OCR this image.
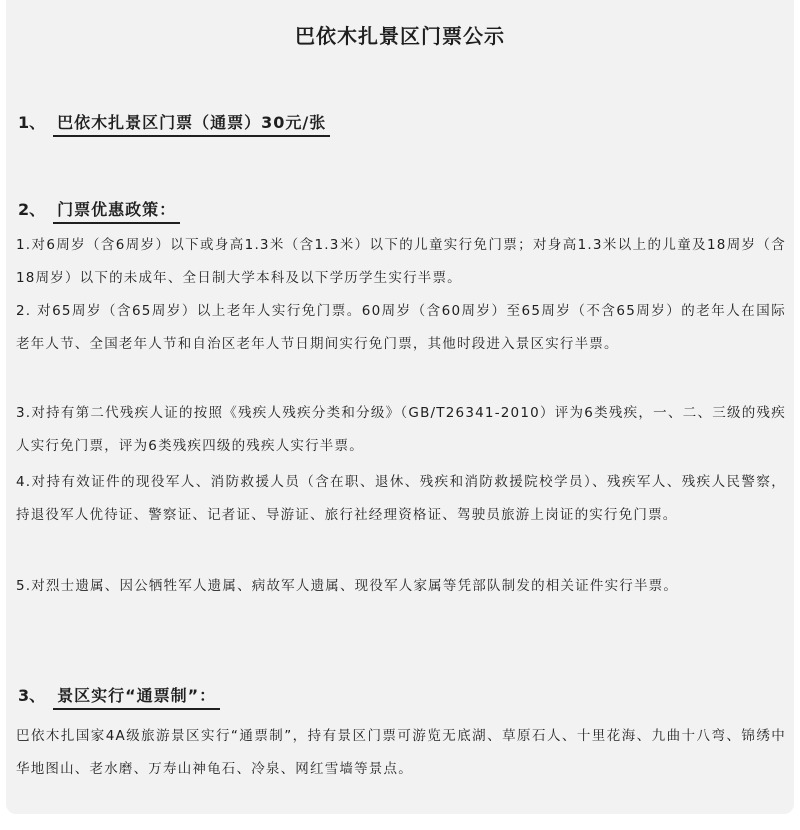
巴依木扎景区门票公示
1、 巴依木扎景区门票（通票）30元/张
2、 门票优惠政策：
1.对6周岁（含6周岁）以下或身高1.3米（含1.3米）以下的儿童实行免门票；对身高1.3米以上的儿童及18周岁（含18周岁）以下的未成年、全日制大学本科及以下学历学生实行半票。
2. 对65周岁（含65周岁）以上老年人实行免门票。60周岁（含60周岁）至65周岁（不含65周岁）的老年人在国际老年人节、全国老年人节和自治区老年人节日期间实行免门票，其他时段进入景区实行半票。
3.对持有第二代残疾人证的按照《残疾人残疾分类和分级》（GB/T26341-2010）评为6类残疾，一、二、三级的残疾人实行免门票，评为6类残疾四级的残疾人实行半票。
4.对持有效证件的现役军人、消防救援人员（含在职、退休、残疾和消防救援院校学员）、残疾军人、残疾人民警察，持退役军人优待证、警察证、记者证、导游证、旅行社经理资格证、驾驶员旅游上岗证的实行免门票。
5.对烈士遗属、因公牺牲军人遗属、病故军人遗属、现役军人家属等凭部队制发的相关证件实行半票。
3、 景区实行“通票制”：
巴依木扎国家4A级旅游景区实行“通票制”，持有景区门票可游览无底湖、草原石人、十里花海、九曲十八弯、锦绣中华地图山、老水磨、万寿山神龟石、冷泉、网红雪墙等景点。
